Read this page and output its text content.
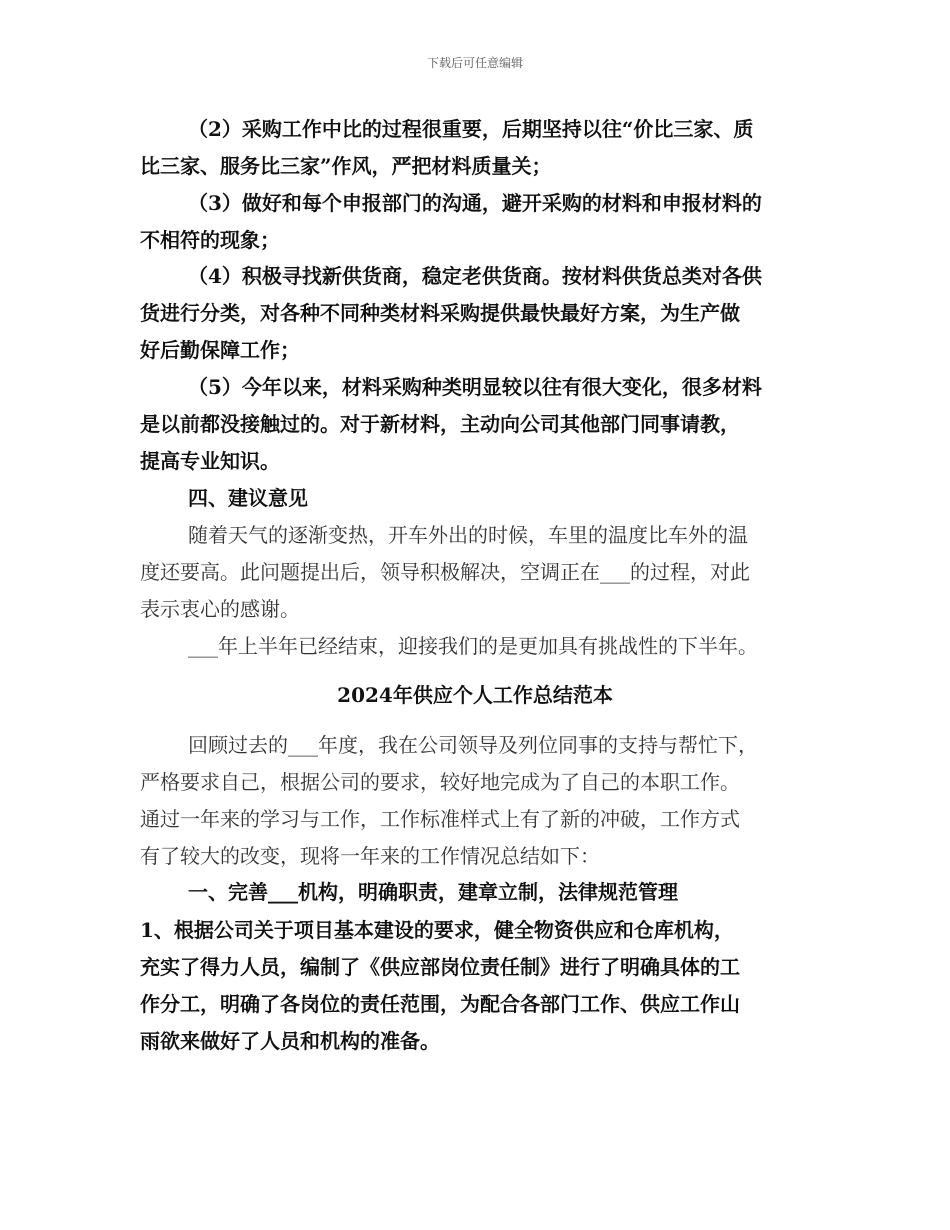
下载后可任意编辑
（2）采购工作中比的过程很重要，后期坚持以往“价比三家、质
比三家、服务比三家”作风，严把材料质量关；
（3）做好和每个申报部门的沟通，避开采购的材料和申报材料的
不相符的现象；
（4）积极寻找新供货商，稳定老供货商。按材料供货总类对各供
货进行分类，对各种不同种类材料采购提供最快最好方案，为生产做
好后勤保障工作；
（5）今年以来，材料采购种类明显较以往有很大变化，很多材料
是以前都没接触过的。对于新材料，主动向公司其他部门同事请教，
提高专业知识。
四、建议意见
随着天气的逐渐变热，开车外出的时候，车里的温度比车外的温
度还要高。此问题提出后，领导积极解决，空调正在___的过程，对此
表示衷心的感谢。
___年上半年已经结束，迎接我们的是更加具有挑战性的下半年。
2024年供应个人工作总结范本
回顾过去的___年度，我在公司领导及列位同事的支持与帮忙下，
严格要求自己，根据公司的要求，较好地完成为了自己的本职工作。
通过一年来的学习与工作，工作标准样式上有了新的冲破，工作方式
有了较大的改变，现将一年来的工作情况总结如下：
一、完善___机构，明确职责，建章立制，法律规范管理
1、根据公司关于项目基本建设的要求，健全物资供应和仓库机构，
充实了得力人员，编制了《供应部岗位责任制》进行了明确具体的工
作分工，明确了各岗位的责任范围，为配合各部门工作、供应工作山
雨欲来做好了人员和机构的准备。
